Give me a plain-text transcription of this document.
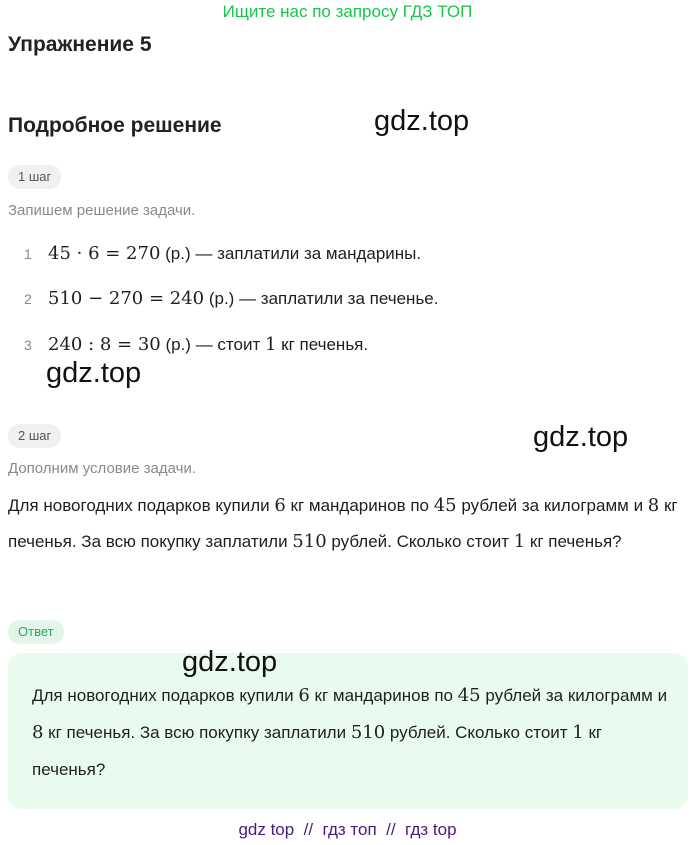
Ищите нас по запросу ГДЗ ТОП
Упражнение 5
Подробное решение	gdz.top
1 шаг
Запишем решение задачи.
1 45 · 6 = 270 (р.) — заплатили за мандарины.
2 510 − 270 = 240 (р.) — заплатили за печенье.
3 240 : 8 = 30 (р.) — стоит 1 кг печенья.
gdz.top
2 шаг	gdz.top
Дополним условие задачи.
Для новогодних подарков купили 6 кг мандаринов по 45 рублей за килограмм и 8 кг печенья. За всю покупку заплатили 510 рублей. Сколько стоит 1 кг печенья?
Ответ
Для новогодних подарков купили 6 кг мандаринов по 45 рублей за килограмм и 8 кг печенья. За всю покупку заплатили 510 рублей. Сколько стоит 1 кг печенья?
gdz.top
gdz top  //  гдз топ  //  гдз top
